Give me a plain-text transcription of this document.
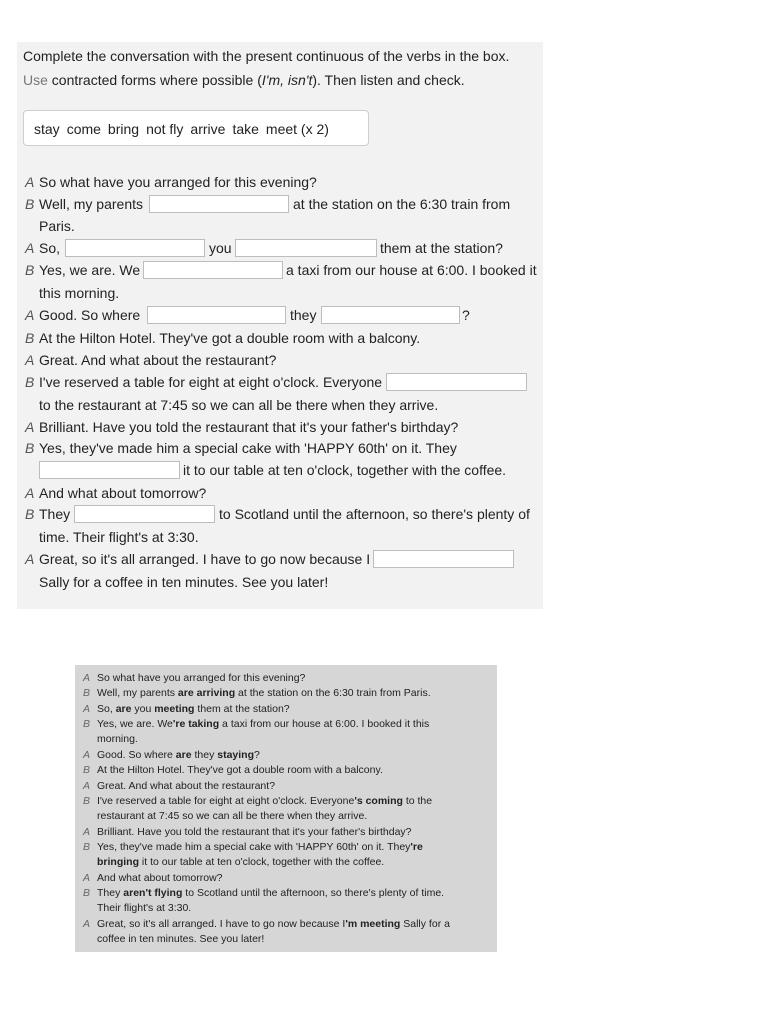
Complete the conversation with the present continuous of the verbs in the box.
Use contracted forms where possible (I'm, isn't). Then listen and check.
stay come bring not fly arrive take meet (x 2)
A So what have you arranged for this evening?
B Well, my parents	at the station on the 6:30 train from
Paris.
A So,	you	them at the station?
B Yes, we are. We	a taxi from our house at 6:00. I booked it
this morning.
A Good. So where	they	?
B At the Hilton Hotel. They've got a double room with a balcony.
A Great. And what about the restaurant?
B I've reserved a table for eight at eight o'clock. Everyone
to the restaurant at 7:45 so we can all be there when they arrive.
A Brilliant. Have you told the restaurant that it's your father's birthday?
B Yes, they've made him a special cake with 'HAPPY 60th' on it. They
it to our table at ten o'clock, together with the coffee.
A And what about tomorrow?
B They	to Scotland until the afternoon, so there's plenty of
time. Their flight's at 3:30.
A Great, so it's all arranged. I have to go now because I
Sally for a coffee in ten minutes. See you later!
A So what have you arranged for this evening?
B Well, my parents are arriving at the station on the 6:30 train from Paris.
A So, are you meeting them at the station?
B Yes, we are. We're taking a taxi from our house at 6:00. I booked it this
morning.
A Good. So where are they staying?
B At the Hilton Hotel. They've got a double room with a balcony.
A Great. And what about the restaurant?
B I've reserved a table for eight at eight o'clock. Everyone's coming to the
restaurant at 7:45 so we can all be there when they arrive.
A Brilliant. Have you told the restaurant that it's your father's birthday?
B Yes, they've made him a special cake with 'HAPPY 60th' on it. They're
bringing it to our table at ten o'clock, together with the coffee.
A And what about tomorrow?
B They aren't flying to Scotland until the afternoon, so there's plenty of time.
Their flight's at 3:30.
A Great, so it's all arranged. I have to go now because I'm meeting Sally for a
coffee in ten minutes. See you later!
